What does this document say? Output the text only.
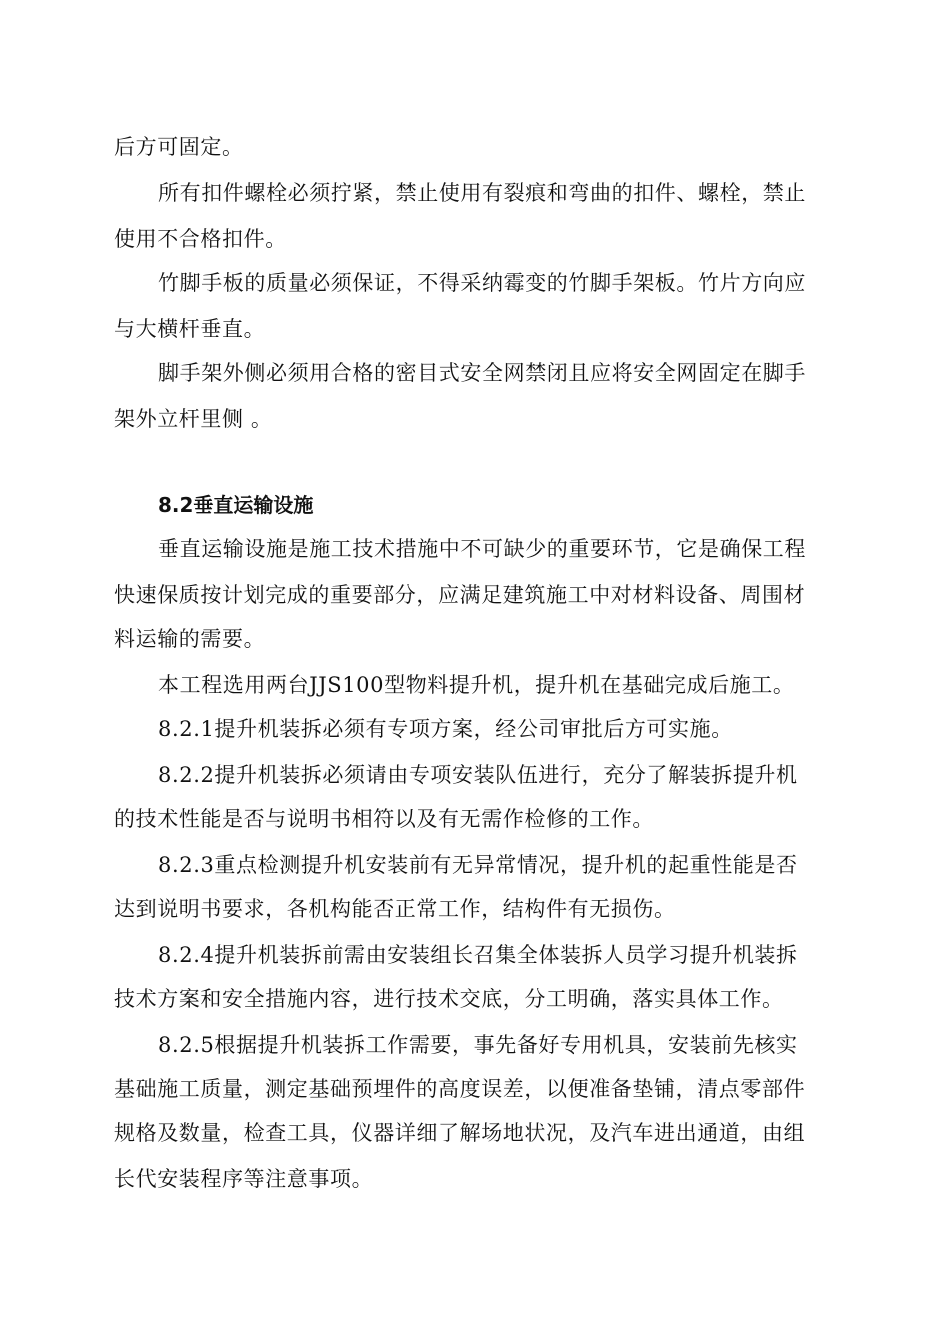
后方可固定。
所有扣件螺栓必须拧紧，禁止使用有裂痕和弯曲的扣件、螺栓，禁止
使用不合格扣件。
竹脚手板的质量必须保证，不得采纳霉变的竹脚手架板。竹片方向应
与大横杆垂直。
脚手架外侧必须用合格的密目式安全网禁闭且应将安全网固定在脚手
架外立杆里侧 。
8.2垂直运输设施
垂直运输设施是施工技术措施中不可缺少的重要环节，它是确保工程
快速保质按计划完成的重要部分，应满足建筑施工中对材料设备、周围材
料运输的需要。
本工程选用两台JJS100型物料提升机，提升机在基础完成后施工。
8.2.1提升机装拆必须有专项方案，经公司审批后方可实施。
8.2.2提升机装拆必须请由专项安装队伍进行，充分了解装拆提升机
的技术性能是否与说明书相符以及有无需作检修的工作。
8.2.3重点检测提升机安装前有无异常情况，提升机的起重性能是否
达到说明书要求，各机构能否正常工作，结构件有无损伤。
8.2.4提升机装拆前需由安装组长召集全体装拆人员学习提升机装拆
技术方案和安全措施内容，进行技术交底，分工明确，落实具体工作。
8.2.5根据提升机装拆工作需要，事先备好专用机具，安装前先核实
基础施工质量，测定基础预埋件的高度误差，以便准备垫铺，清点零部件
规格及数量，检查工具，仪器详细了解场地状况，及汽车进出通道，由组
长代安装程序等注意事项。
